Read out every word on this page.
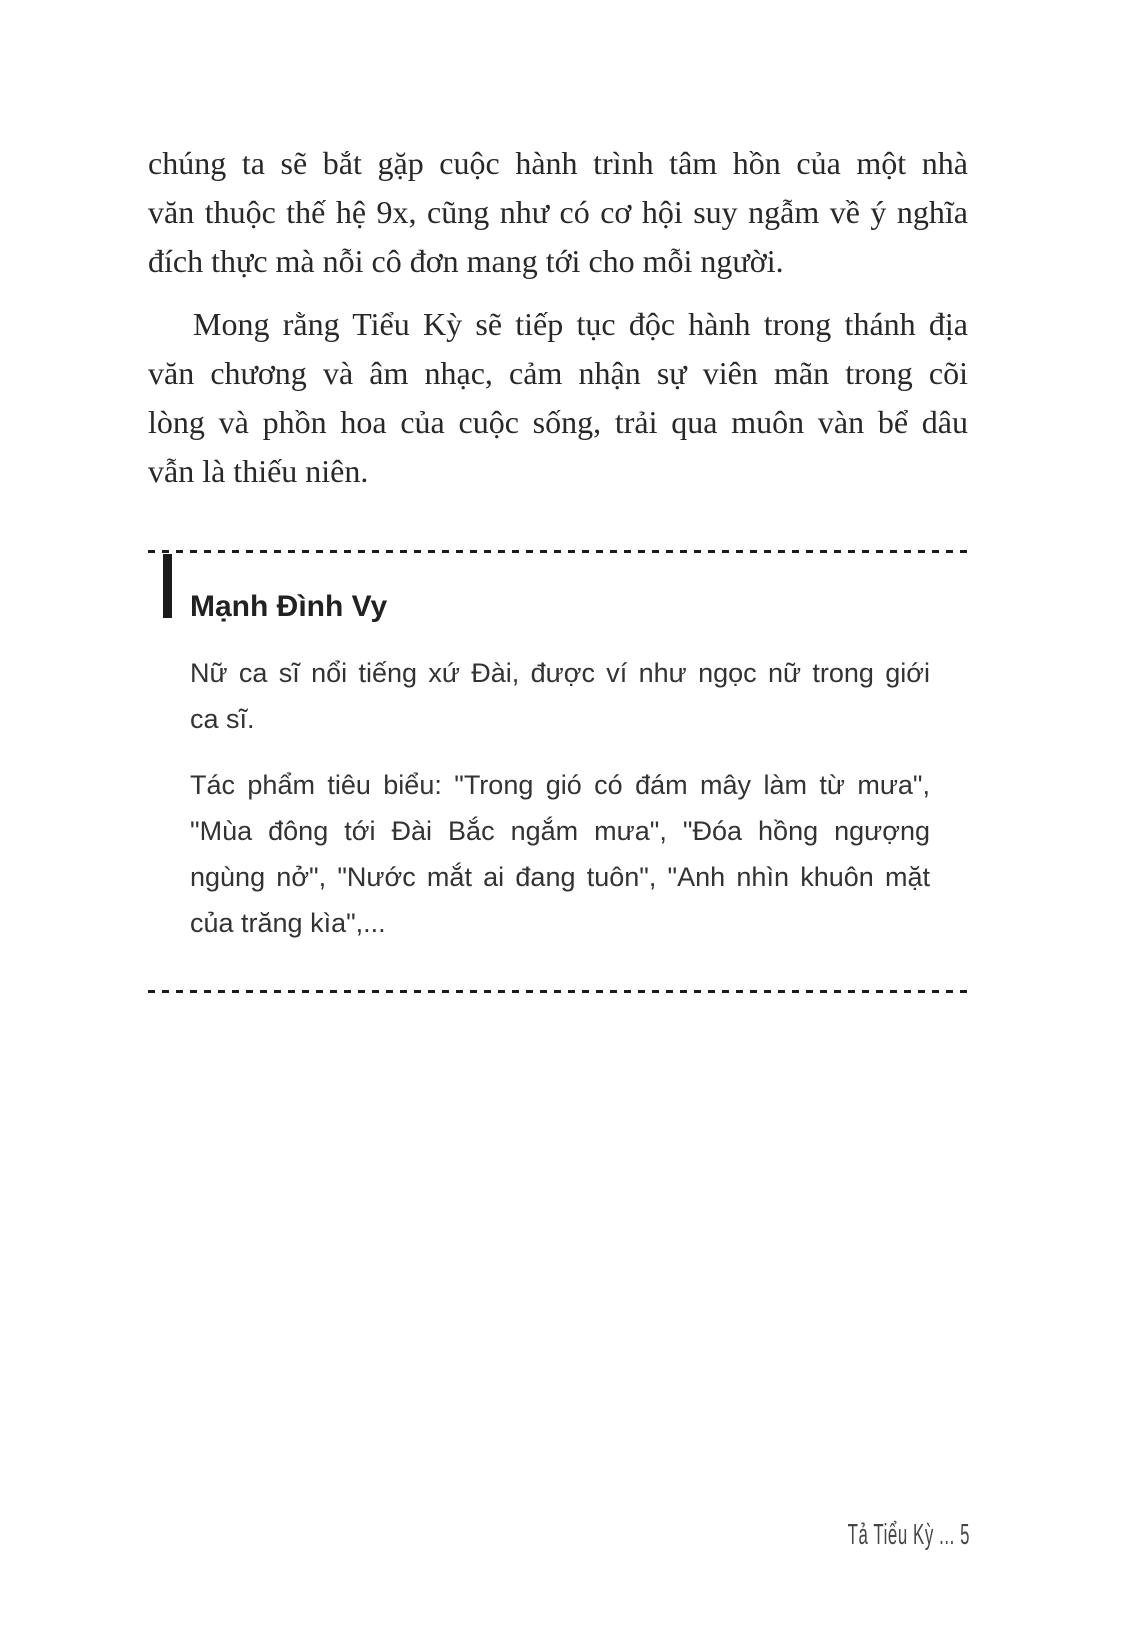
chúng ta sẽ bắt gặp cuộc hành trình tâm hồn của một nhà
văn thuộc thế hệ 9x, cũng như có cơ hội suy ngẫm về ý nghĩa
đích thực mà nỗi cô đơn mang tới cho mỗi người.
Mong rằng Tiểu Kỳ sẽ tiếp tục độc hành trong thánh địa
văn chương và âm nhạc, cảm nhận sự viên mãn trong cõi
lòng và phồn hoa của cuộc sống, trải qua muôn vàn bể dâu
vẫn là thiếu niên.
Mạnh Đình Vy
Nữ ca sĩ nổi tiếng xứ Đài, được ví như ngọc nữ trong giới
ca sĩ.
Tác phẩm tiêu biểu: "Trong gió có đám mây làm từ mưa",
"Mùa đông tới Đài Bắc ngắm mưa", "Đóa hồng ngượng
ngùng nở", "Nước mắt ai đang tuôn", "Anh nhìn khuôn mặt
của trăng kìa",...
Tả Tiểu Kỳ ... 5
